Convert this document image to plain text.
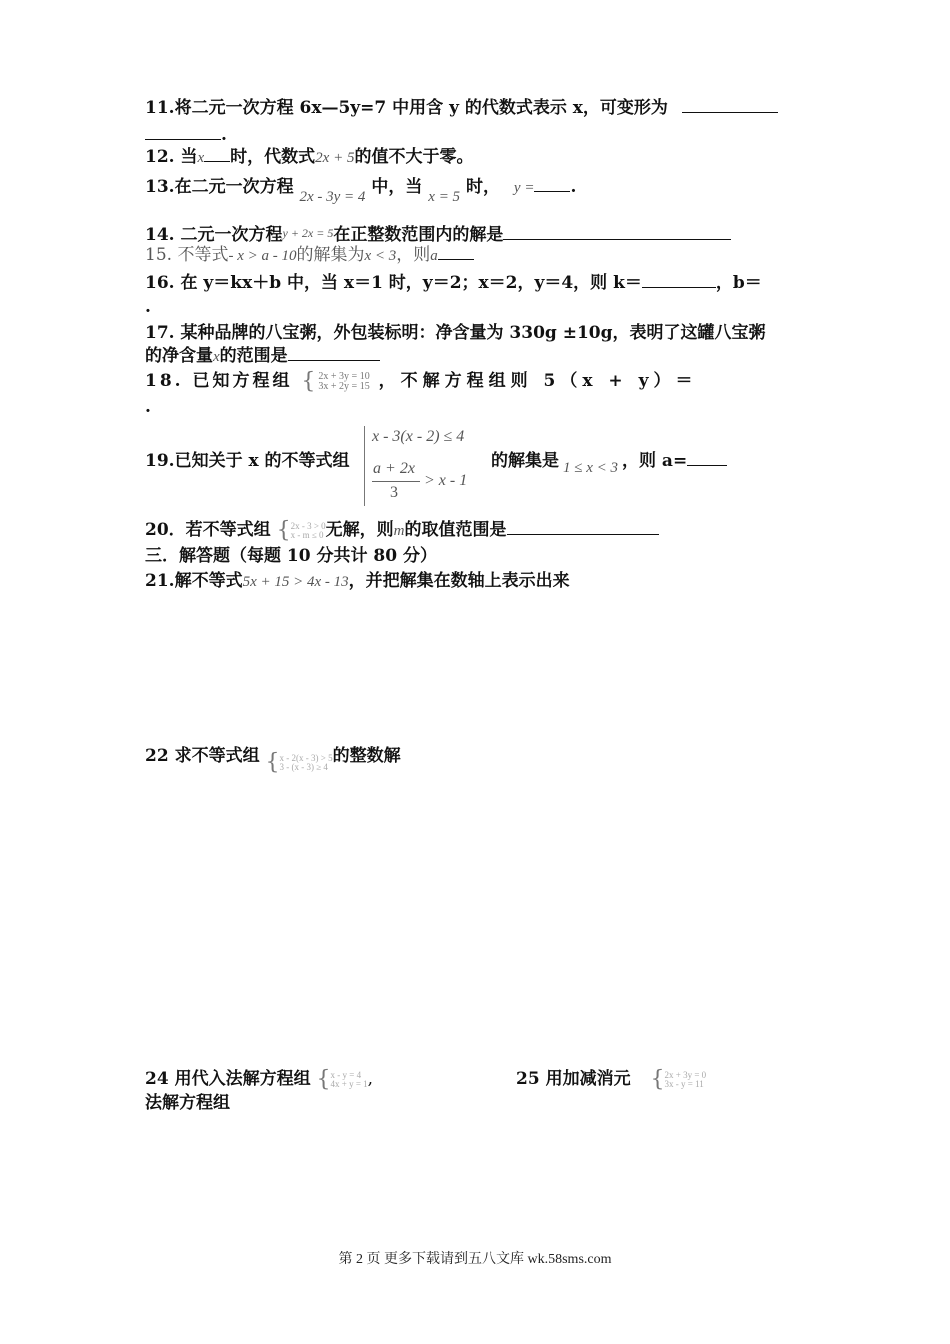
11.将二元一次方程 6x—5y=7 中用含 y 的代数式表示 x，可变形为
.
12. 当x 时，代数式2x + 5的值不大于零。
13.在二元一次方程 2x - 3y = 4 中，当 x = 5 时， y = .
14. 二元一次方程y + 2x = 5在正整数范围内的解是
15. 不等式- x > a - 10的解集为x < 3，则a
16. 在 y＝kx＋b 中，当 x＝1 时，y＝2；x＝2，y＝4，则 k＝	，b＝
.
17. 某种品牌的八宝粥，外包装标明：净含量为 330g ±10g，表明了这罐八宝粥
的净含量x的范围是
18. 已知方程组 {2x + 3y = 10
3x + 2y = 15 ，不解方程组则 5（x + y）＝
.
19.已知关于 x 的不等式组
x - 3(x - 2) ≤ 4
a + 2x
3
> x - 1
的解集是 1 ≤ x < 3 ，则 a=
20．若不等式组 {2x - 3 > 0
x - m ≤ 0 无解，则m的取值范围是
三．解答题（每题 10 分共计 80 分）
21.解不等式5x + 15 > 4x - 13，并把解集在数轴上表示出来
22 求不等式组 {x - 2(x - 3) > 5
3 - (x - 3) ≥ 4的整数解
24 用代入法解方程组 {x - y = 4
4x + y = 1,
法解方程组
25 用加减消元 {2x + 3y = 0
3x - y = 11
第 2 页 更多下载请到五八文库 wk.58sms.com
